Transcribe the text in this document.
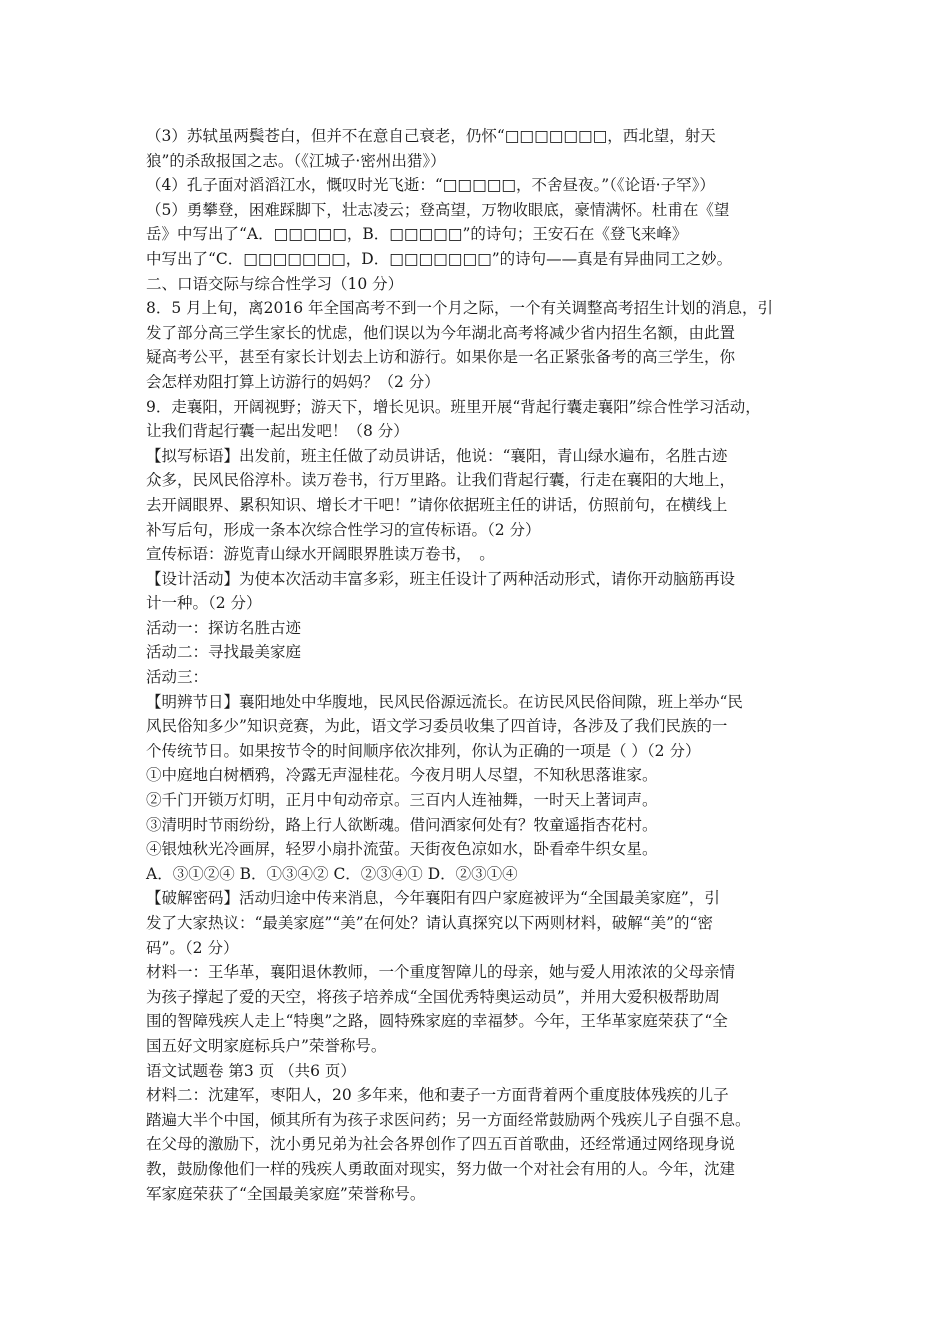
（3）苏轼虽两鬓苍白，但并不在意自己衰老，仍怀“□□□□□□□，西北望，射天
狼”的杀敌报国之志。（《江城子·密州出猎》）
（4）孔子面对滔滔江水，慨叹时光飞逝：“□□□□□，不舍昼夜。”（《论语·子罕》）
（5）勇攀登，困难踩脚下，壮志凌云；登高望，万物收眼底，豪情满怀。杜甫在《望
岳》中写出了“A．□□□□□，B．□□□□□”的诗句；王安石在《登飞来峰》
中写出了“C．□□□□□□□，D．□□□□□□□”的诗句——真是有异曲同工之妙。
二、口语交际与综合性学习（10 分）
8．5 月上旬，离2016 年全国高考不到一个月之际，一个有关调整高考招生计划的消息，引
发了部分高三学生家长的忧虑，他们误以为今年湖北高考将减少省内招生名额，由此置
疑高考公平，甚至有家长计划去上访和游行。如果你是一名正紧张备考的高三学生，你
会怎样劝阻打算上访游行的妈妈？（2 分）
9．走襄阳，开阔视野；游天下，增长见识。班里开展“背起行囊走襄阳”综合性学习活动，
让我们背起行囊一起出发吧！（8 分）
【拟写标语】出发前，班主任做了动员讲话，他说：“襄阳，青山绿水遍布，名胜古迹
众多，民风民俗淳朴。读万卷书，行万里路。让我们背起行囊，行走在襄阳的大地上，
去开阔眼界、累积知识、增长才干吧！”请你依据班主任的讲话，仿照前句，在横线上
补写后句，形成一条本次综合性学习的宣传标语。（2 分）
宣传标语：游览青山绿水开阔眼界胜读万卷书，　。
【设计活动】为使本次活动丰富多彩，班主任设计了两种活动形式，请你开动脑筋再设
计一种。（2 分）
活动一：探访名胜古迹
活动二：寻找最美家庭
活动三：
【明辨节日】襄阳地处中华腹地，民风民俗源远流长。在访民风民俗间隙，班上举办“民
风民俗知多少”知识竞赛，为此，语文学习委员收集了四首诗，各涉及了我们民族的一
个传统节日。如果按节令的时间顺序依次排列，你认为正确的一项是（ ）（2 分）
①中庭地白树栖鸦，冷露无声湿桂花。今夜月明人尽望，不知秋思落谁家。
②千门开锁万灯明，正月中旬动帝京。三百内人连袖舞，一时天上著词声。
③清明时节雨纷纷，路上行人欲断魂。借问酒家何处有？牧童遥指杏花村。
④银烛秋光冷画屏，轻罗小扇扑流萤。天街夜色凉如水，卧看牵牛织女星。
A．③①②④ B．①③④② C．②③④① D．②③①④
【破解密码】活动归途中传来消息，今年襄阳有四户家庭被评为“全国最美家庭”，引
发了大家热议：“最美家庭”“美”在何处？请认真探究以下两则材料，破解“美”的“密
码”。（2 分）
材料一：王华革，襄阳退休教师，一个重度智障儿的母亲，她与爱人用浓浓的父母亲情
为孩子撑起了爱的天空，将孩子培养成“全国优秀特奥运动员”，并用大爱积极帮助周
围的智障残疾人走上“特奥”之路，圆特殊家庭的幸福梦。今年，王华革家庭荣获了“全
国五好文明家庭标兵户”荣誉称号。
语文试题卷 第3 页 （共6 页）
材料二：沈建军，枣阳人，20 多年来，他和妻子一方面背着两个重度肢体残疾的儿子
踏遍大半个中国，倾其所有为孩子求医问药；另一方面经常鼓励两个残疾儿子自强不息。
在父母的激励下，沈小勇兄弟为社会各界创作了四五百首歌曲，还经常通过网络现身说
教，鼓励像他们一样的残疾人勇敢面对现实，努力做一个对社会有用的人。今年，沈建
军家庭荣获了“全国最美家庭”荣誉称号。
